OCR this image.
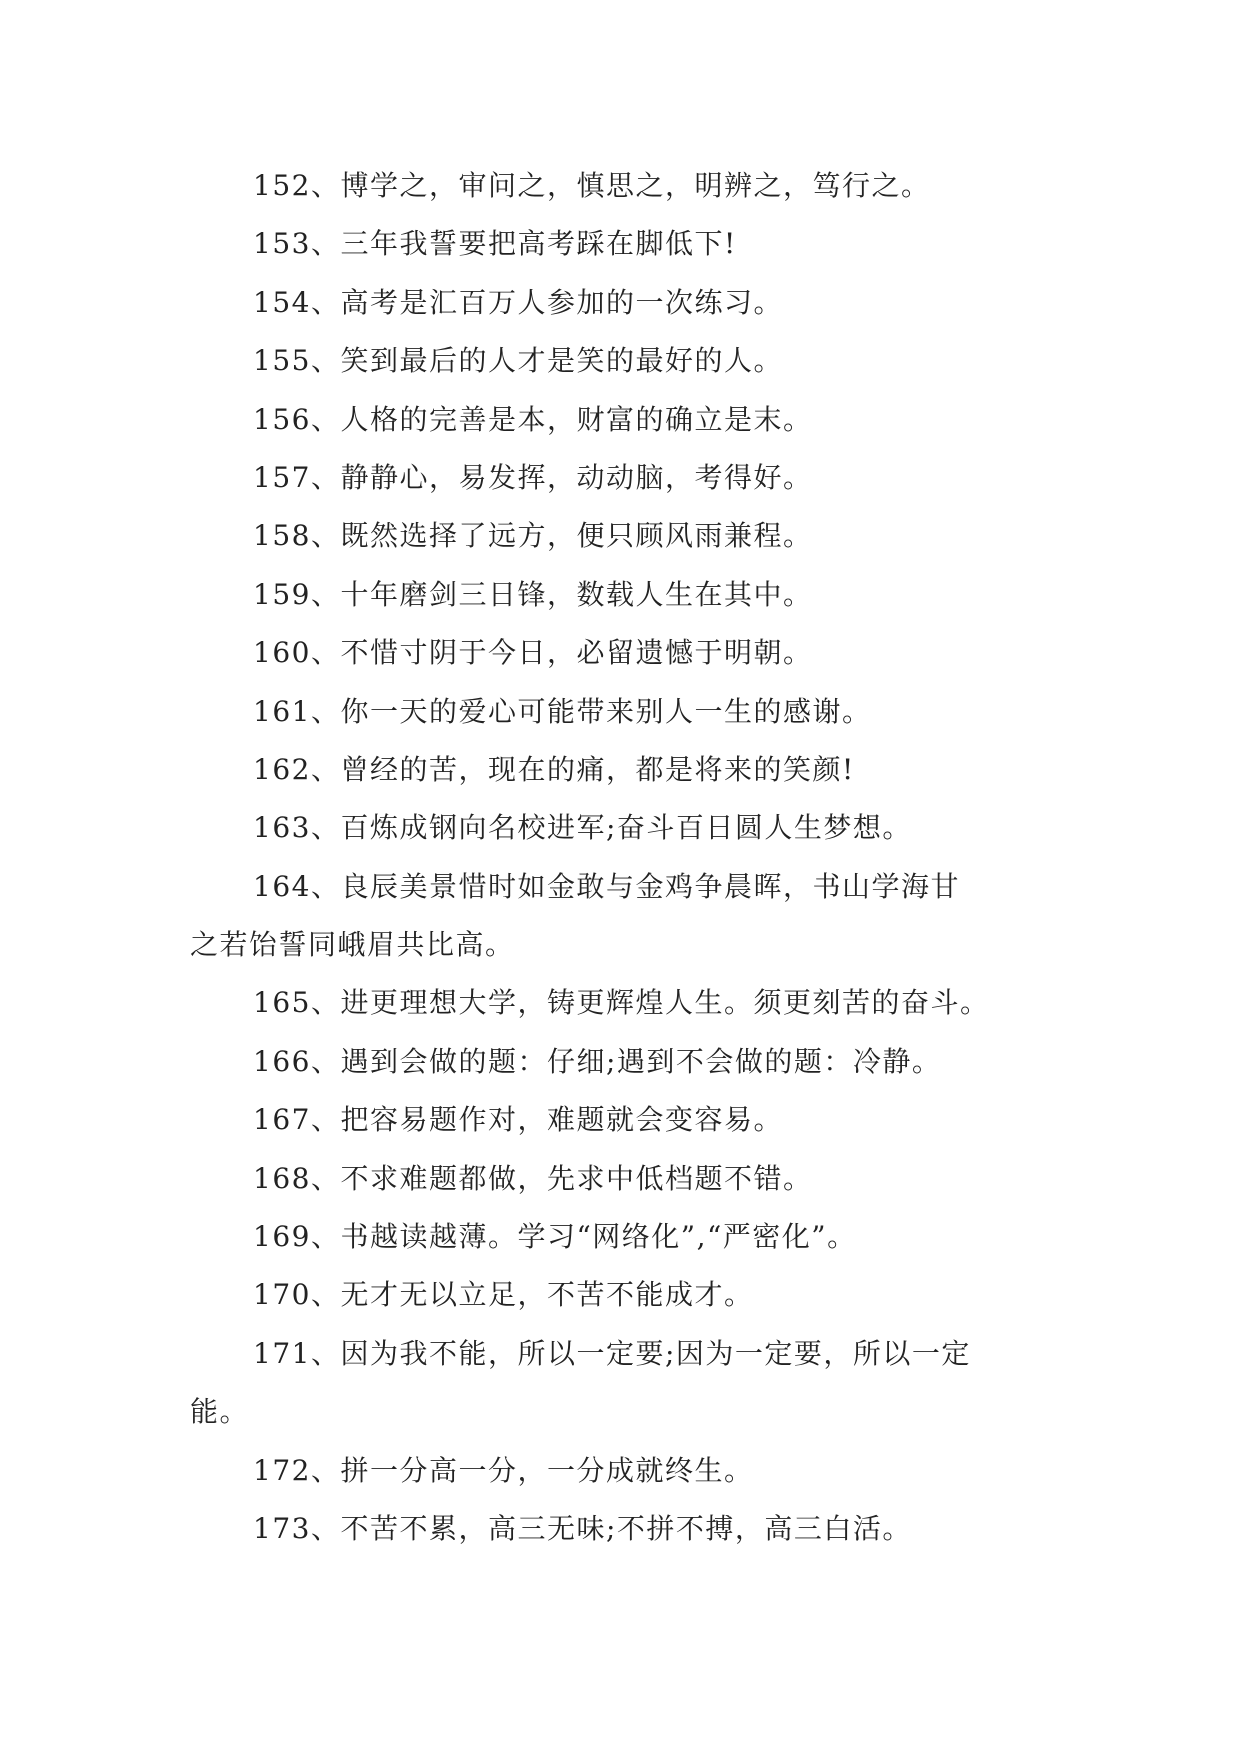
152、博学之，审问之，慎思之，明辨之，笃行之。
153、三年我誓要把高考踩在脚低下!
154、高考是汇百万人参加的一次练习。
155、笑到最后的人才是笑的最好的人。
156、人格的完善是本，财富的确立是末。
157、静静心，易发挥，动动脑，考得好。
158、既然选择了远方，便只顾风雨兼程。
159、十年磨剑三日锋，数载人生在其中。
160、不惜寸阴于今日，必留遗憾于明朝。
161、你一天的爱心可能带来别人一生的感谢。
162、曾经的苦，现在的痛，都是将来的笑颜!
163、百炼成钢向名校进军;奋斗百日圆人生梦想。
164、良辰美景惜时如金敢与金鸡争晨晖，书山学海甘
之若饴誓同峨眉共比高。
165、进更理想大学，铸更辉煌人生。须更刻苦的奋斗。
166、遇到会做的题：仔细;遇到不会做的题：冷静。
167、把容易题作对，难题就会变容易。
168、不求难题都做，先求中低档题不错。
169、书越读越薄。学习“网络化”,“严密化”。
170、无才无以立足，不苦不能成才。
171、因为我不能，所以一定要;因为一定要，所以一定
能。
172、拼一分高一分，一分成就终生。
173、不苦不累，高三无味;不拼不搏，高三白活。
